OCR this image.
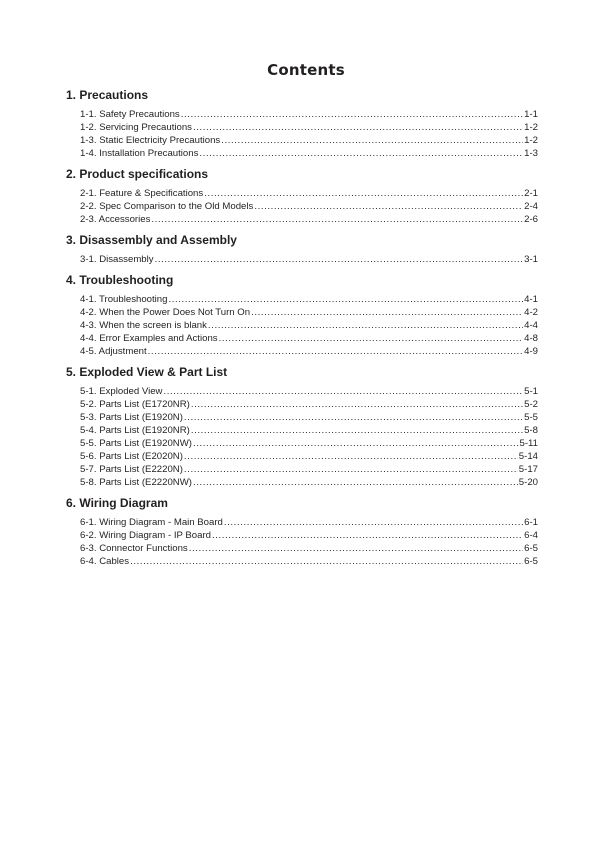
Contents
1. Precautions
1-1. Safety Precautions .....	1-1
1-2. Servicing Precautions .....	1-2
1-3. Static Electricity Precautions .....	1-2
1-4. Installation Precautions .....	1-3
2. Product specifications
2-1. Feature & Specifications .....	2-1
2-2. Spec Comparison to the Old Models .....	2-4
2-3. Accessories .....	2-6
3. Disassembly and Assembly
3-1. Disassembly .....	3-1
4. Troubleshooting
4-1. Troubleshooting .....	4-1
4-2. When the Power Does Not Turn On .....	4-2
4-3. When the screen is blank .....	4-4
4-4. Error Examples and Actions .....	4-8
4-5. Adjustment .....	4-9
5. Exploded View & Part List
5-1. Exploded View .....	5-1
5-2. Parts List (E1720NR) .....	5-2
5-3. Parts List (E1920N) .....	5-5
5-4. Parts List (E1920NR) .....	5-8
5-5. Parts List (E1920NW) .....	5-11
5-6. Parts List (E2020N) .....	5-14
5-7. Parts List (E2220N) .....	5-17
5-8. Parts List (E2220NW) .....	5-20
6. Wiring Diagram
6-1. Wiring Diagram - Main Board .....	6-1
6-2. Wiring Diagram - IP Board .....	6-4
6-3. Connector Functions .....	6-5
6-4. Cables .....	6-5
